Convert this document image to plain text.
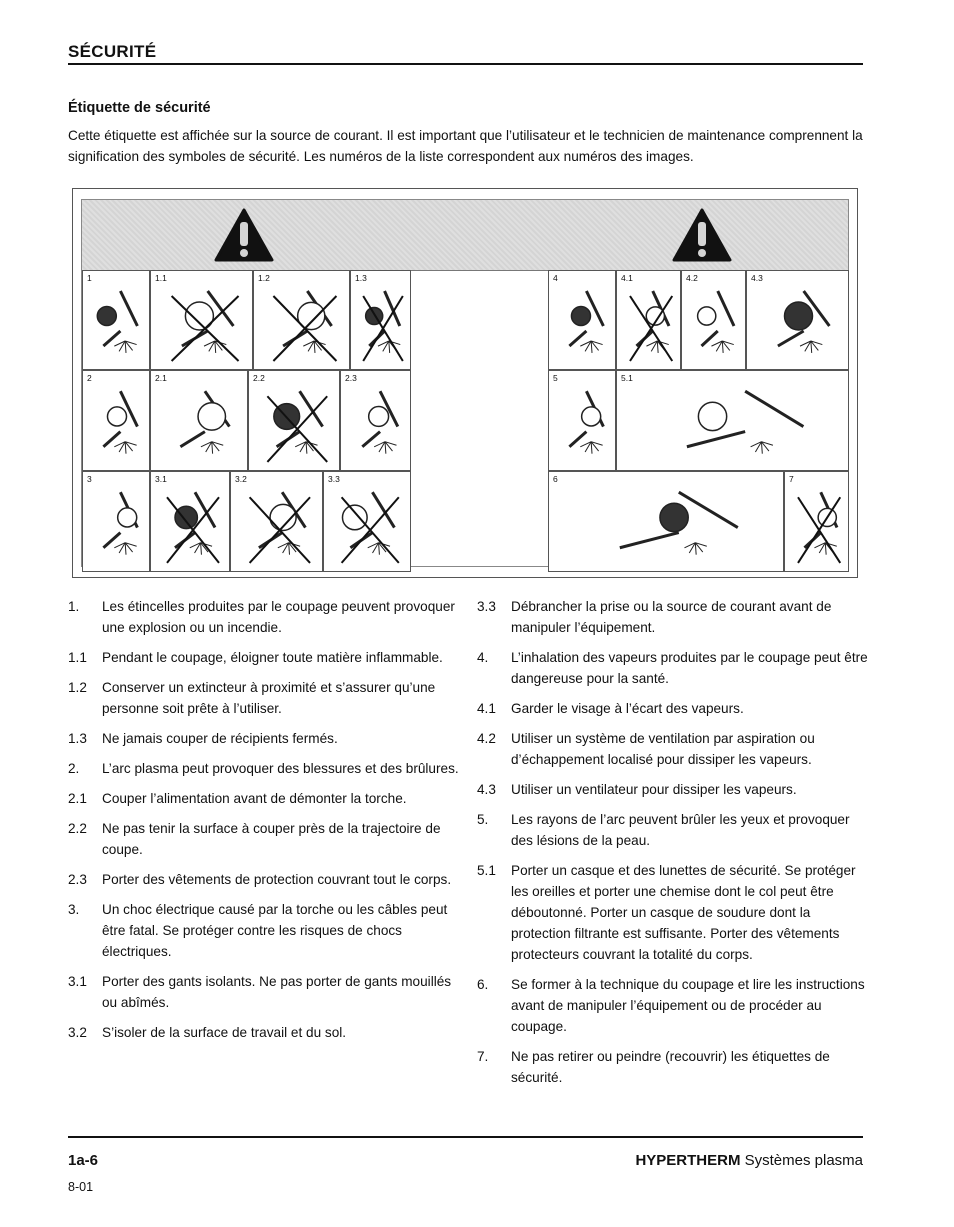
SÉCURITÉ
Étiquette de sécurité
Cette étiquette est affichée sur la source de courant. Il est important que l’utilisateur et le technicien de maintenance comprennent la signification des symboles de sécurité. Les numéros de la liste correspondent aux numéros des images.
1	1.1	1.2	1.3
2	2.1	2.2	2.3
3	3.1	3.2	3.3
4	4.1	4.2	4.3
5	5.1
6	7
1. Les étincelles produites par le coupage peuvent provoquer une explosion ou un incendie.
1.1 Pendant le coupage, éloigner toute matière inflammable.
1.2 Conserver un extincteur à proximité et s’assurer qu’une personne soit prête à l’utiliser.
1.3 Ne jamais couper de récipients fermés.
2. L’arc plasma peut provoquer des blessures et des brûlures.
2.1 Couper l’alimentation avant de démonter la torche.
2.2 Ne pas tenir la surface à couper près de la trajectoire de coupe.
2.3 Porter des vêtements de protection couvrant tout le corps.
3. Un choc électrique causé par la torche ou les câbles peut être fatal. Se protéger contre les risques de chocs électriques.
3.1 Porter des gants isolants. Ne pas porter de gants mouillés ou abîmés.
3.2 S’isoler de la surface de travail et du sol.
3.3 Débrancher la prise ou la source de courant avant de manipuler l’équipement.
4. L’inhalation des vapeurs produites par le coupage peut être dangereuse pour la santé.
4.1 Garder le visage à l’écart des vapeurs.
4.2 Utiliser un système de ventilation par aspiration ou d’échappement localisé pour dissiper les vapeurs.
4.3 Utiliser un ventilateur pour dissiper les vapeurs.
5. Les rayons de l’arc peuvent brûler les yeux et provoquer des lésions de la peau.
5.1 Porter un casque et des lunettes de sécurité. Se protéger les oreilles et porter une chemise dont le col peut être déboutonné. Porter un casque de soudure dont la protection filtrante est suffisante. Porter des vêtements protecteurs couvrant la totalité du corps.
6. Se former à la technique du coupage et lire les instructions avant de manipuler l’équipement ou de procéder au coupage.
7. Ne pas retirer ou peindre (recouvrir) les étiquettes de sécurité.
1a-6	HYPERTHERM Systèmes plasma
8-01
